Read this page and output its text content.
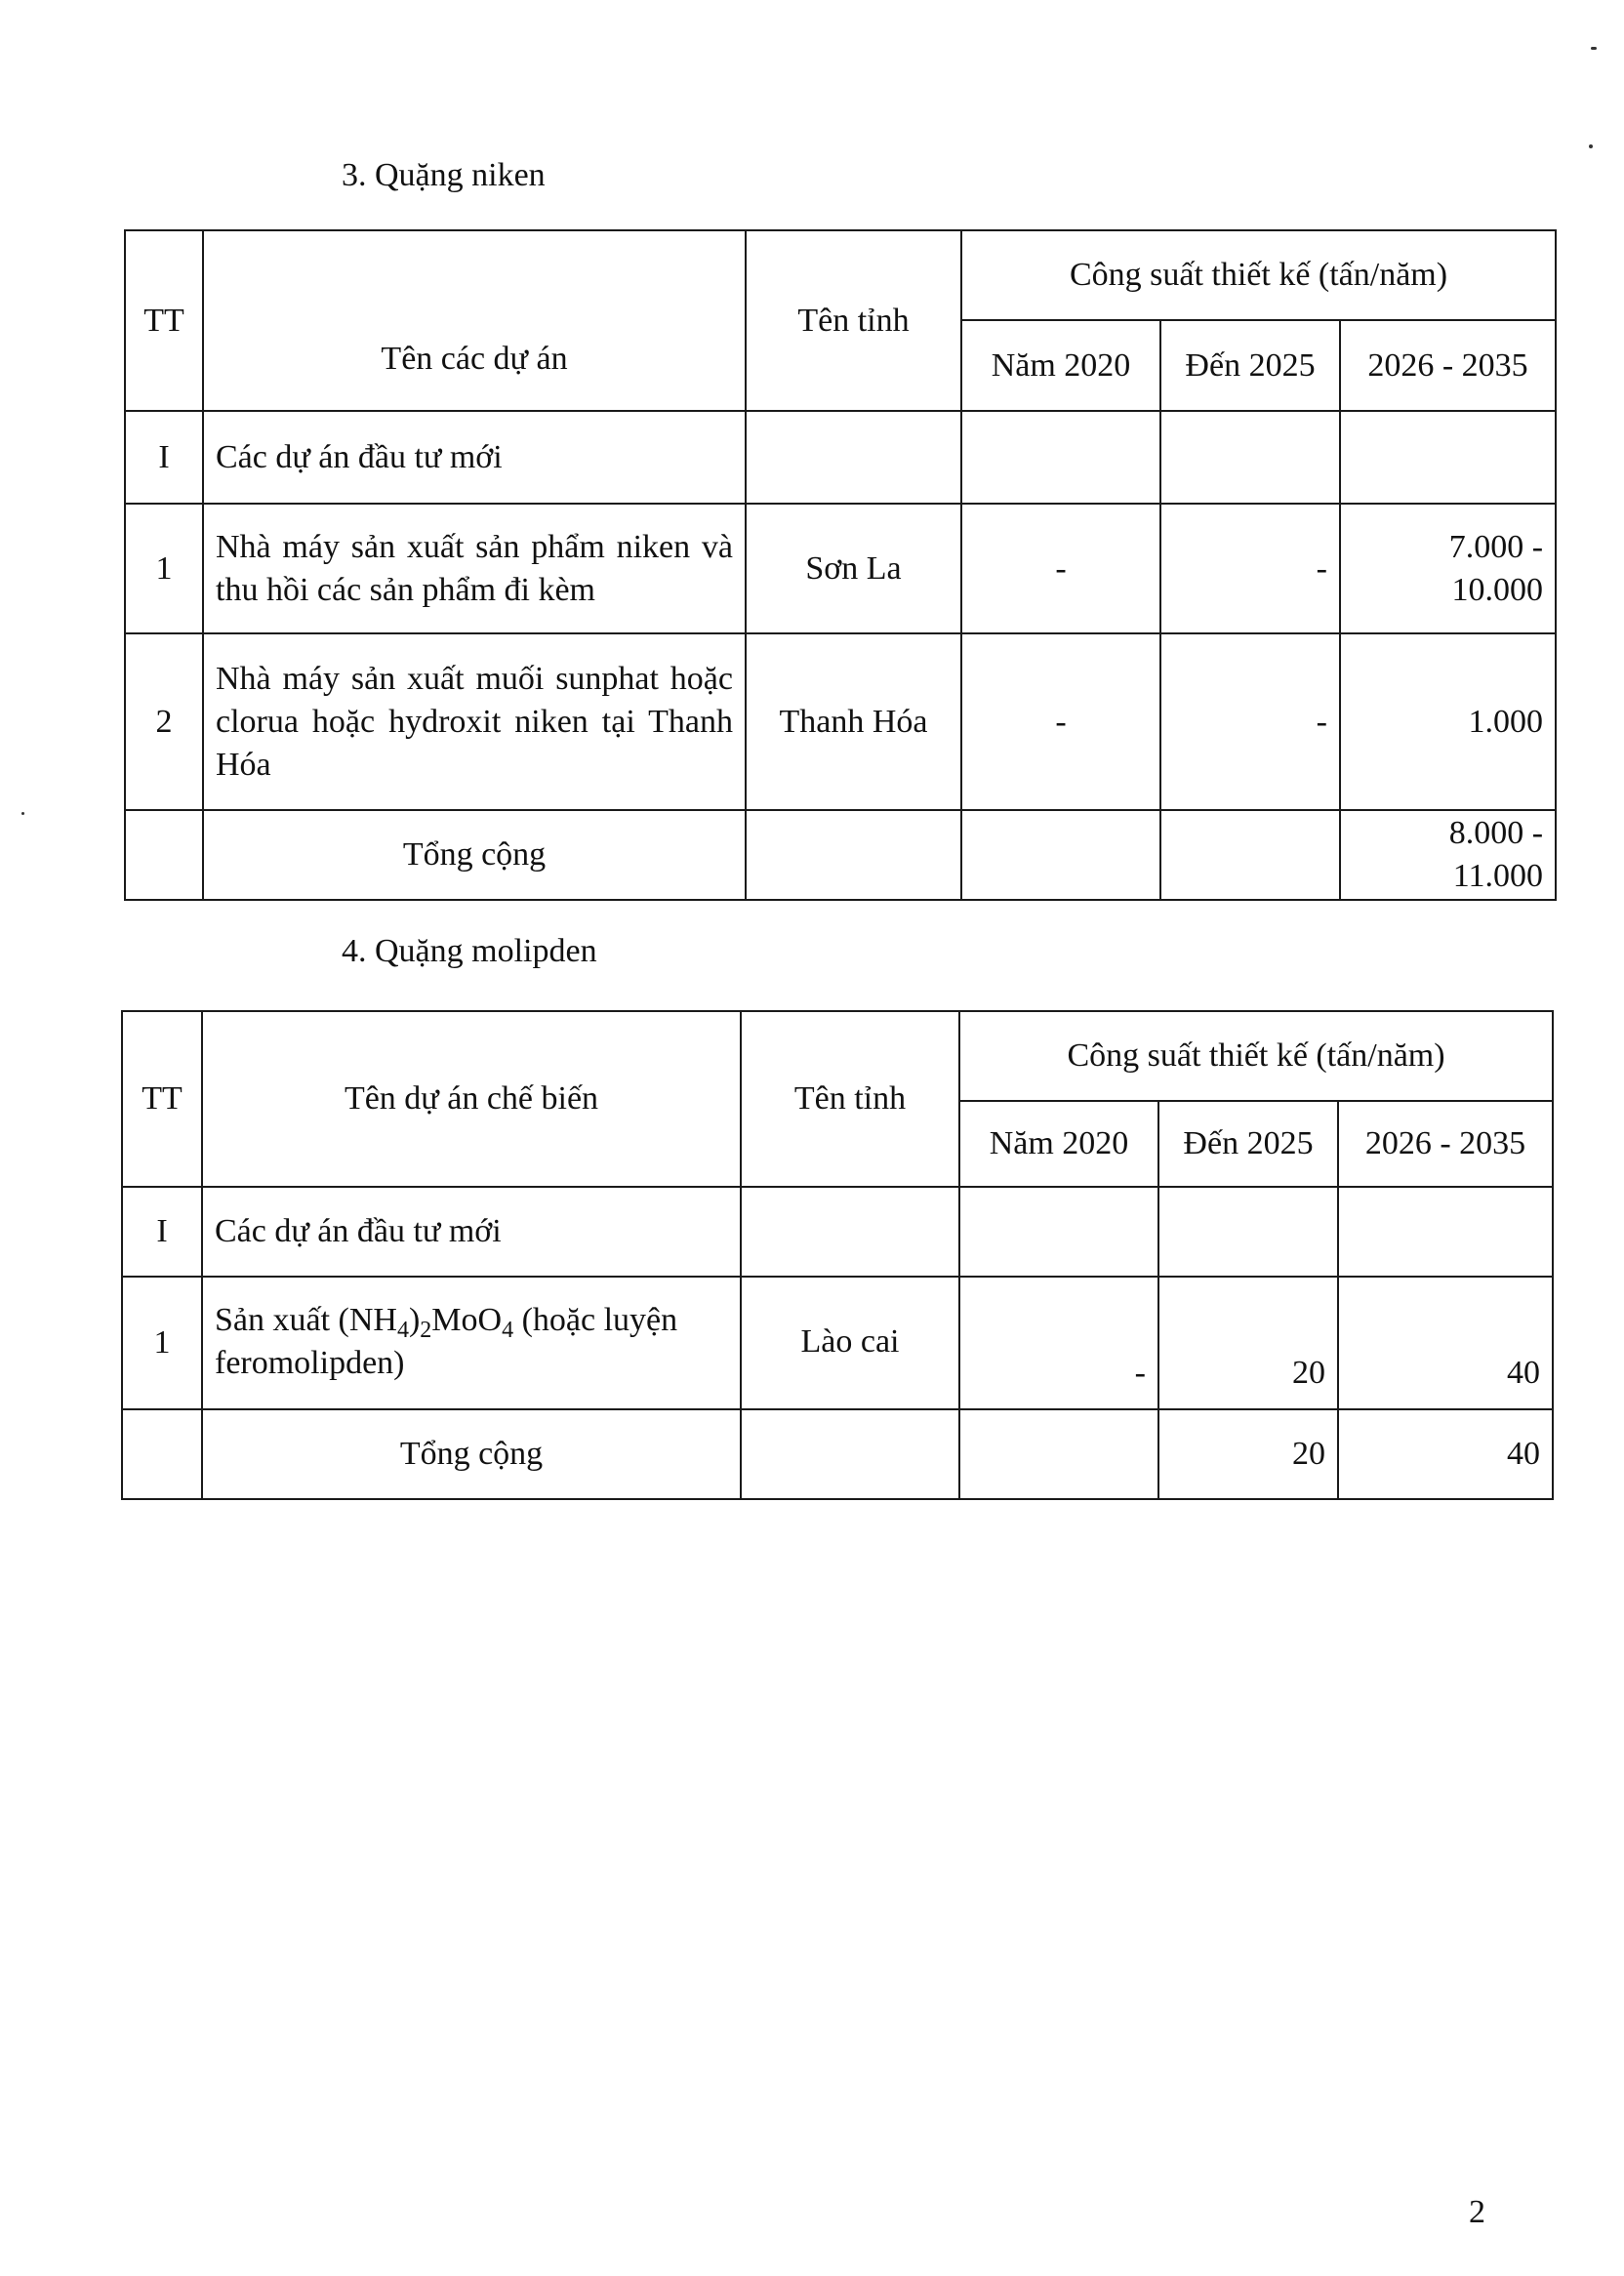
3. Quặng niken
TT	Tên các dự án	Tên tỉnh	Công suất thiết kế (tấn/năm)		
			Năm 2020	Đến 2025	2026 - 2035
I	Các dự án đầu tư mới				
1	Nhà máy sản xuất sản phẩm niken và thu hồi các sản phẩm đi kèm	Sơn La	-	-	7.000 - 10.000
2	Nhà máy sản xuất muối sunphat hoặc clorua hoặc hydroxit niken tại Thanh Hóa	Thanh Hóa	-	-	1.000
	Tổng cộng				8.000 - 11.000
4. Quặng molipden
TT	Tên dự án chế biến	Tên tỉnh	Công suất thiết kế (tấn/năm)		
			Năm 2020	Đến 2025	2026 - 2035
I	Các dự án đầu tư mới				
1	Sản xuất $(NH_4)_2MoO_4$ (hoặc luyện feromolipden)	Lào cai	-	20	40
	Tổng cộng			20	40
2
